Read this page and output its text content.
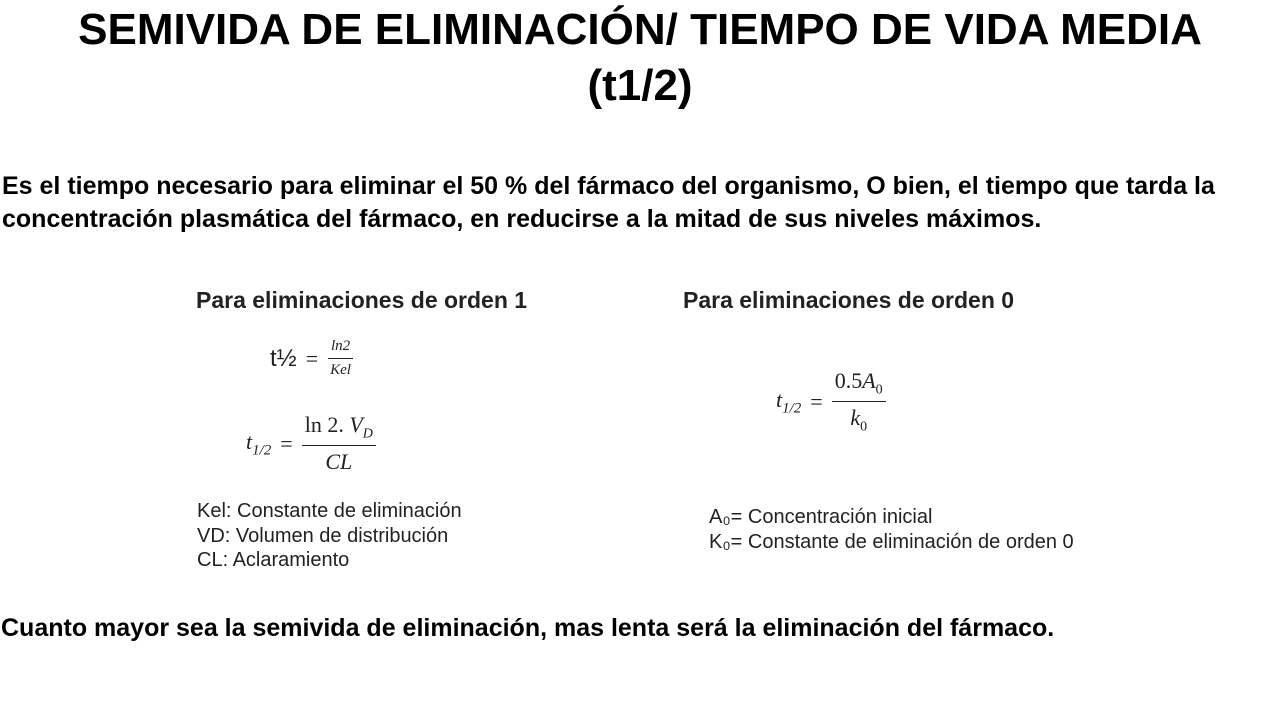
SEMIVIDA DE ELIMINACIÓN/ TIEMPO DE VIDA MEDIA
(t1/2)
Es el tiempo necesario para eliminar el 50 % del fármaco del organismo, O bien, el tiempo que tarda la concentración plasmática del fármaco, en reducirse a la mitad de sus niveles máximos.
Para eliminaciones de orden 1
t½ = $\frac{\ln 2}{\text{Kel}}$
$t_{1/2} = \frac{\ln 2. V_D}{CL}$
Kel: Constante de eliminación
VD: Volumen de distribución
CL: Aclaramiento
Para eliminaciones de orden 0
$t_{1/2} = \frac{0.5A_0}{k_0}$
A₀= Concentración inicial
K₀= Constante de eliminación de orden 0
Cuanto mayor sea la semivida de eliminación, mas lenta será la eliminación del fármaco.
